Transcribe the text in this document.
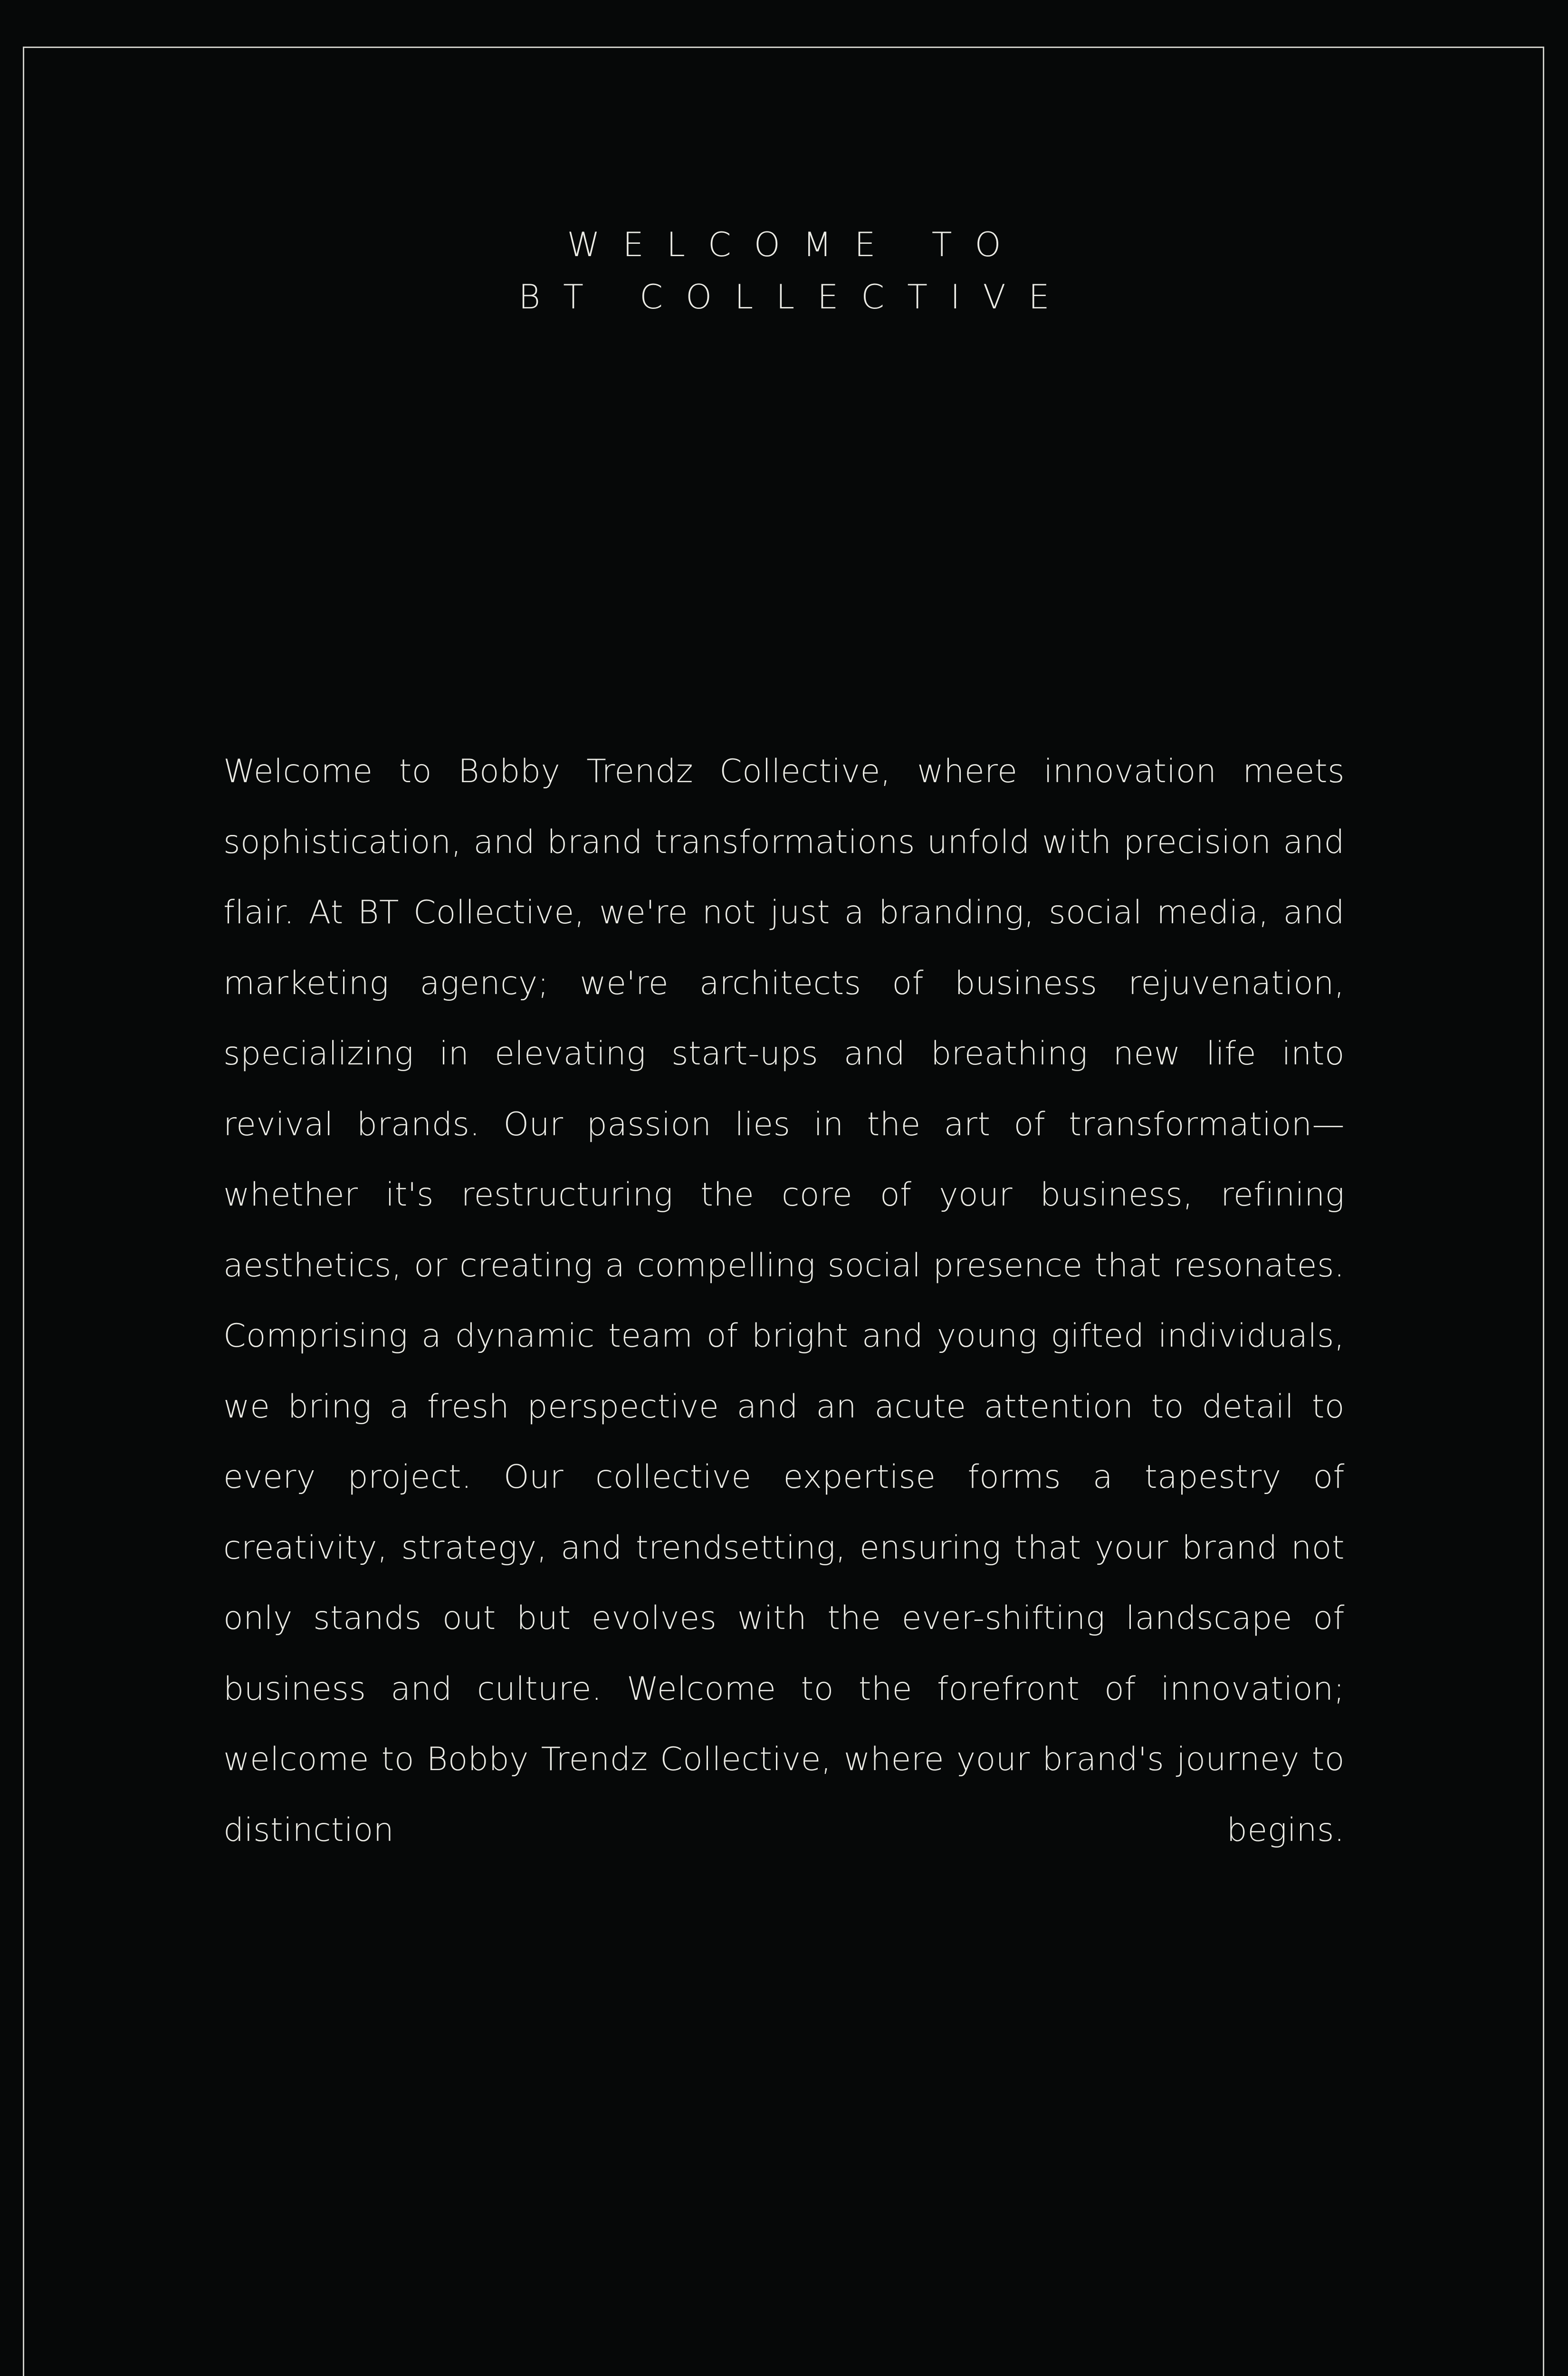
WELCOME TO
BT COLLECTIVE

Welcome to Bobby Trendz Collective, where innovation meets sophistication, and brand transformations unfold with precision and flair. At BT Collective, we're not just a branding, social media, and marketing agency; we're architects of business rejuvenation, specializing in elevating start-ups and breathing new life into revival brands. Our passion lies in the art of transformation—whether it's restructuring the core of your business, refining aesthetics, or creating a compelling social presence that resonates. Comprising a dynamic team of bright and young gifted individuals, we bring a fresh perspective and an acute attention to detail to every project. Our collective expertise forms a tapestry of creativity, strategy, and trendsetting, ensuring that your brand not only stands out but evolves with the ever-shifting landscape of business and culture. Welcome to the forefront of innovation; welcome to Bobby Trendz Collective, where your brand's journey to distinction begins.
